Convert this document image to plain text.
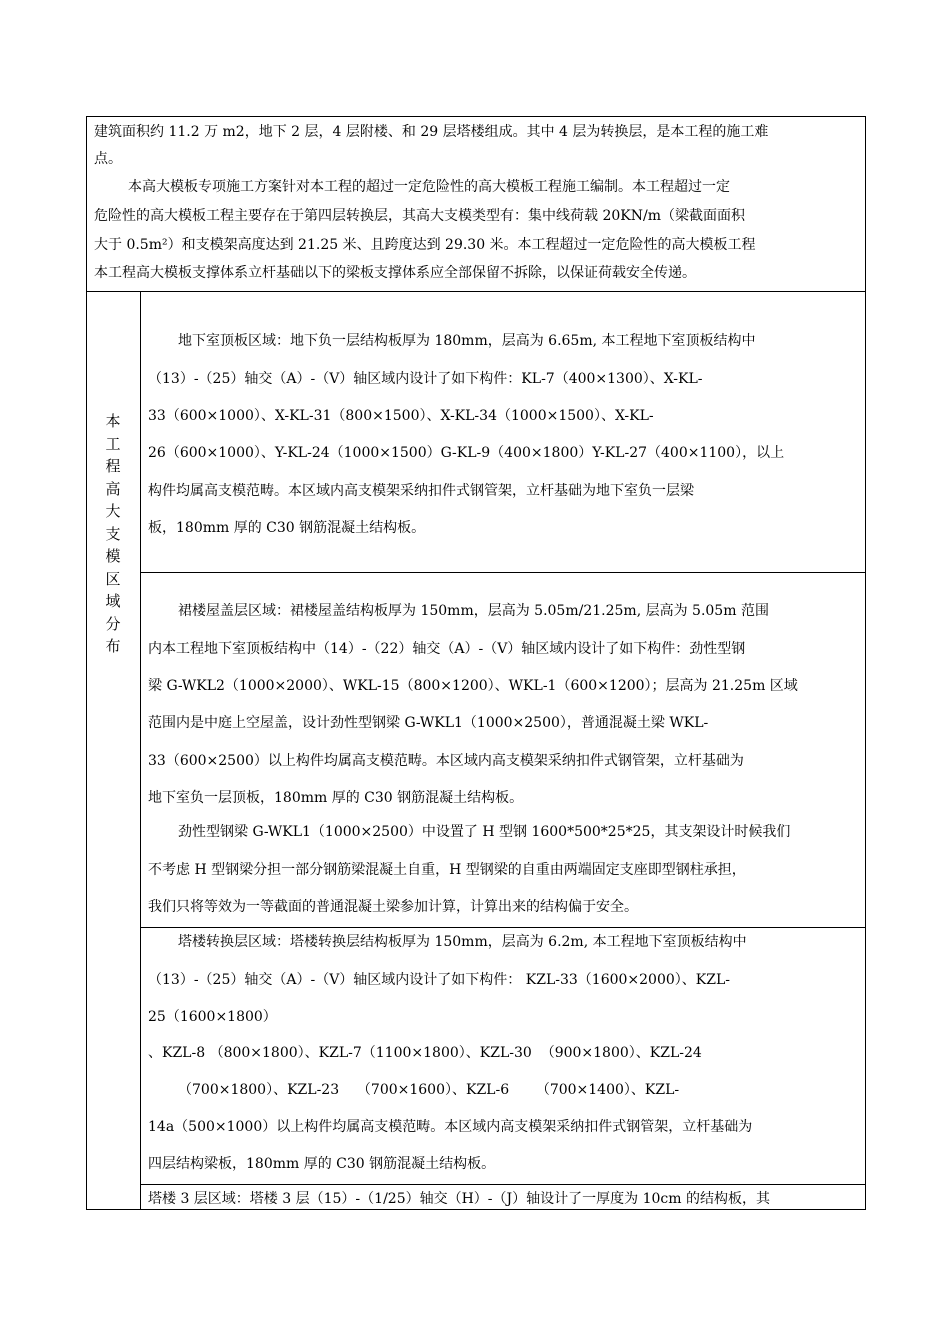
建筑面积约 11.2 万 m2，地下 2 层，4 层附楼、和 29 层塔楼组成。其中 4 层为转换层，是本工程的施工难
点。
本高大模板专项施工方案针对本工程的超过一定危险性的高大模板工程施工编制。本工程超过一定
危险性的高大模板工程主要存在于第四层转换层，其高大支模类型有：集中线荷载 20KN/m（梁截面面积
大于 0.5m²）和支模架高度达到 21.25 米、且跨度达到 29.30 米。本工程超过一定危险性的高大模板工程
本工程高大模板支撑体系立杆基础以下的梁板支撑体系应全部保留不拆除，以保证荷载安全传递。
本
工
程
高
大
支
模
区
域
分
布
地下室顶板区域：地下负一层结构板厚为 180mm，层高为 6.65m, 本工程地下室顶板结构中
（13）-（25）轴交（A）-（V）轴区域内设计了如下构件：KL-7（400×1300）、X-KL-
33（600×1000）、X-KL-31（800×1500）、X-KL-34（1000×1500）、X-KL-
26（600×1000）、Y-KL-24（1000×1500）G-KL-9（400×1800）Y-KL-27（400×1100），以上
构件均属高支模范畴。本区域内高支模架采纳扣件式钢管架，立杆基础为地下室负一层梁
板，180mm 厚的 C30 钢筋混凝土结构板。
裙楼屋盖层区域：裙楼屋盖结构板厚为 150mm，层高为 5.05m/21.25m, 层高为 5.05m 范围
内本工程地下室顶板结构中（14）-（22）轴交（A）-（V）轴区域内设计了如下构件：劲性型钢
梁 G-WKL2（1000×2000）、WKL-15（800×1200）、WKL-1（600×1200）；层高为 21.25m 区域
范围内是中庭上空屋盖，设计劲性型钢梁 G-WKL1（1000×2500），普通混凝土梁 WKL-
33（600×2500）以上构件均属高支模范畴。本区域内高支模架采纳扣件式钢管架，立杆基础为
地下室负一层顶板，180mm 厚的 C30 钢筋混凝土结构板。
劲性型钢梁 G-WKL1（1000×2500）中设置了 H 型钢 1600*500*25*25，其支架设计时候我们
不考虑 H 型钢梁分担一部分钢筋梁混凝土自重，H 型钢梁的自重由两端固定支座即型钢柱承担，
我们只将等效为一等截面的普通混凝土梁参加计算，计算出来的结构偏于安全。
塔楼转换层区域：塔楼转换层结构板厚为 150mm，层高为 6.2m, 本工程地下室顶板结构中
（13）-（25）轴交（A）-（V）轴区域内设计了如下构件： KZL-33（1600×2000）、KZL-
25（1600×1800）
、KZL-8 （800×1800）、KZL-7（1100×1800）、KZL-30  （900×1800）、KZL-24
（700×1800）、KZL-23    （700×1600）、KZL-6      （700×1400）、KZL-
14a（500×1000）以上构件均属高支模范畴。本区域内高支模架采纳扣件式钢管架，立杆基础为
四层结构梁板，180mm 厚的 C30 钢筋混凝土结构板。
塔楼 3 层区域：塔楼 3 层（15）-（1/25）轴交（H）-（J）轴设计了一厚度为 10cm 的结构板，其
